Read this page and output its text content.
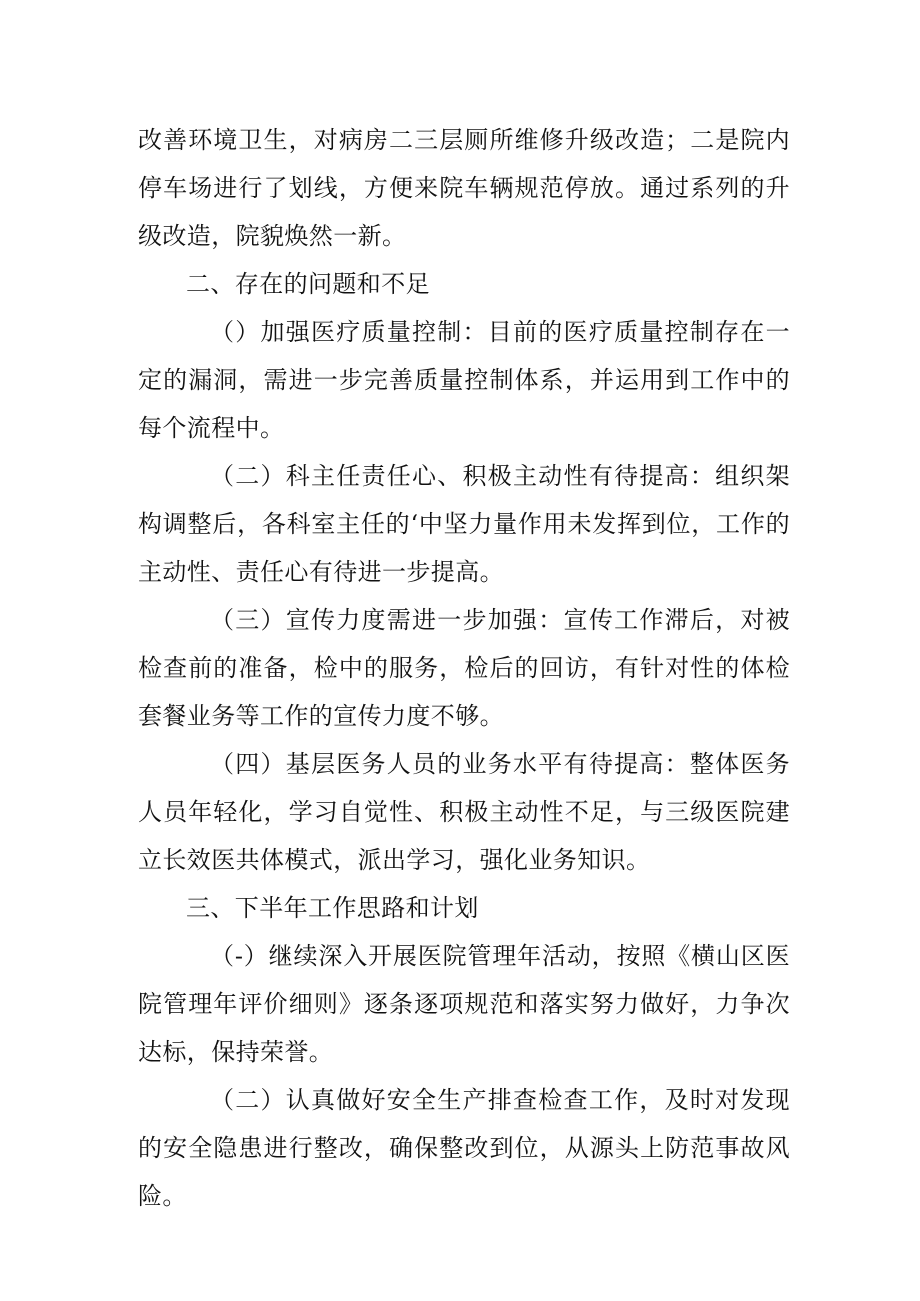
改善环境卫生，对病房二三层厕所维修升级改造；二是院内停车场进行了划线，方便来院车辆规范停放。通过系列的升级改造，院貌焕然一新。

二、存在的问题和不足

（）加强医疗质量控制：目前的医疗质量控制存在一定的漏洞，需进一步完善质量控制体系，并运用到工作中的每个流程中。

（二）科主任责任心、积极主动性有待提高：组织架构调整后，各科室主任的‘中坚力量作用未发挥到位，工作的主动性、责任心有待进一步提高。

（三）宣传力度需进一步加强：宣传工作滞后，对被检查前的准备，检中的服务，检后的回访，有针对性的体检套餐业务等工作的宣传力度不够。

（四）基层医务人员的业务水平有待提高：整体医务人员年轻化，学习自觉性、积极主动性不足，与三级医院建立长效医共体模式，派出学习，强化业务知识。

三、下半年工作思路和计划

（-）继续深入开展医院管理年活动，按照《横山区医院管理年评价细则》逐条逐项规范和落实努力做好，力争次达标，保持荣誉。

（二）认真做好安全生产排查检查工作，及时对发现的安全隐患进行整改，确保整改到位，从源头上防范事故风险。
